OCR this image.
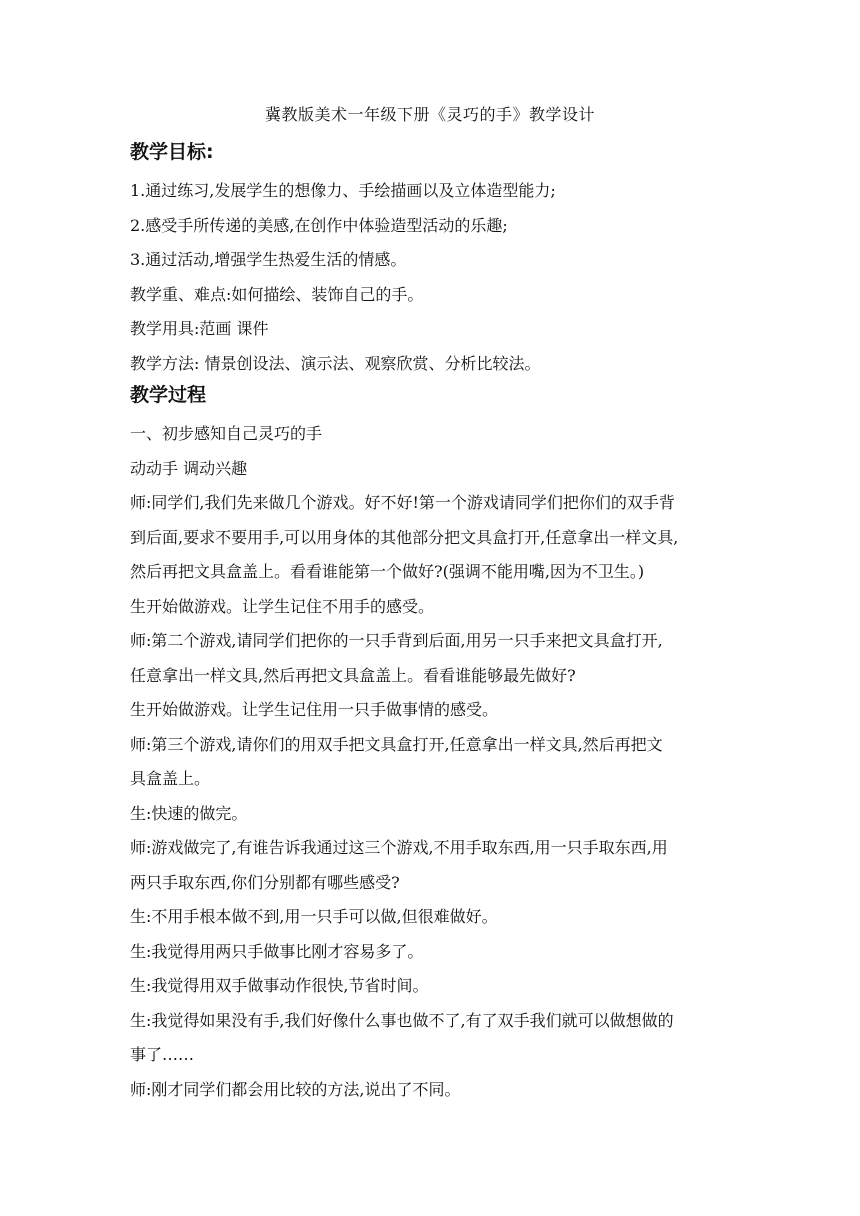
冀教版美术一年级下册《灵巧的手》教学设计
教学目标:

1.通过练习,发展学生的想像力、手绘描画以及立体造型能力;

2.感受手所传递的美感,在创作中体验造型活动的乐趣;

3.通过活动,增强学生热爱生活的情感。

教学重、难点:如何描绘、装饰自己的手。

教学用具:范画 课件

教学方法: 情景创设法、演示法、观察欣赏、分析比较法。

教学过程

一、初步感知自己灵巧的手

动动手 调动兴趣

师:同学们,我们先来做几个游戏。好不好!第一个游戏请同学们把你们的双手背

到后面,要求不要用手,可以用身体的其他部分把文具盒打开,任意拿出一样文具,

然后再把文具盒盖上。看看谁能第一个做好?(强调不能用嘴,因为不卫生。)

生开始做游戏。让学生记住不用手的感受。

师:第二个游戏,请同学们把你的一只手背到后面,用另一只手来把文具盒打开,

任意拿出一样文具,然后再把文具盒盖上。看看谁能够最先做好?

生开始做游戏。让学生记住用一只手做事情的感受。

师:第三个游戏,请你们的用双手把文具盒打开,任意拿出一样文具,然后再把文

具盒盖上。

生:快速的做完。

师:游戏做完了,有谁告诉我通过这三个游戏,不用手取东西,用一只手取东西,用

两只手取东西,你们分别都有哪些感受?

生:不用手根本做不到,用一只手可以做,但很难做好。

生:我觉得用两只手做事比刚才容易多了。

生:我觉得用双手做事动作很快,节省时间。

生:我觉得如果没有手,我们好像什么事也做不了,有了双手我们就可以做想做的

事了……

师:刚才同学们都会用比较的方法,说出了不同。
